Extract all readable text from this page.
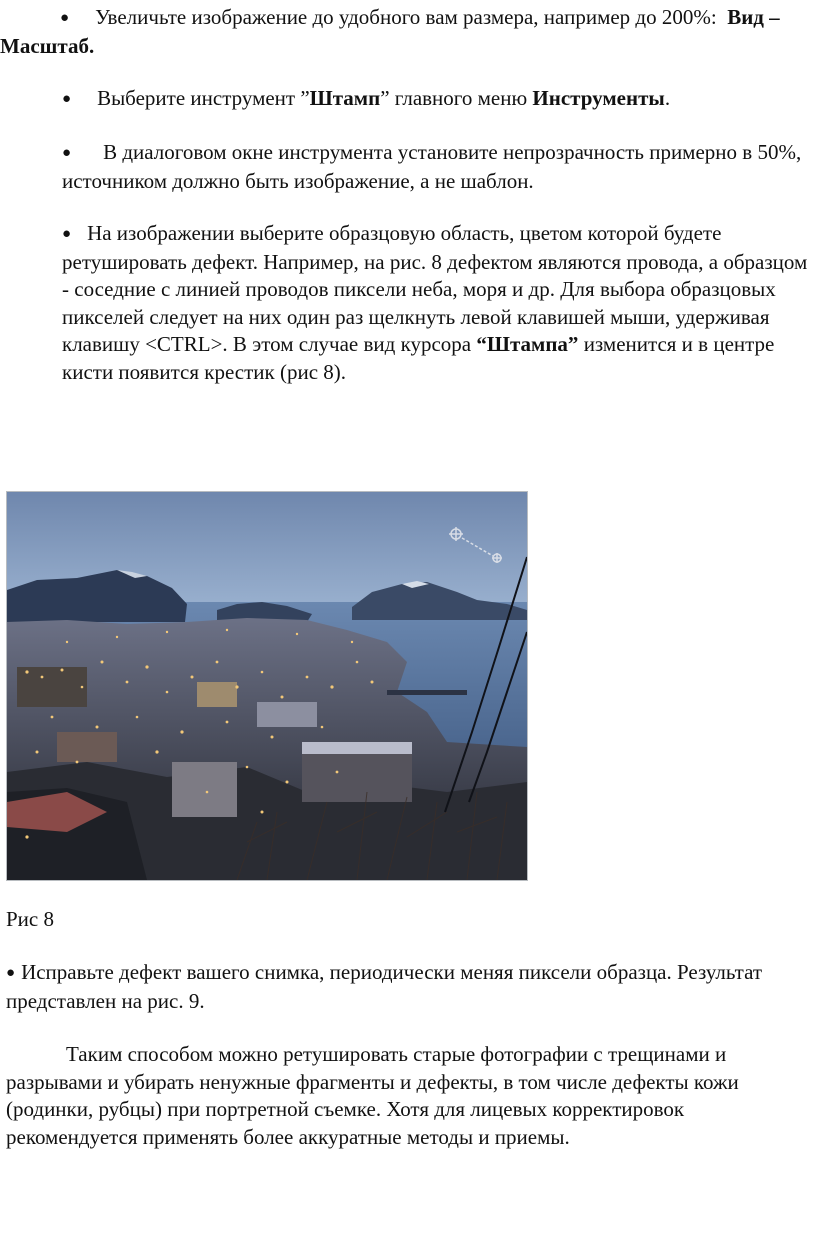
● Увеличьте изображение до удобного вам размера, например до 200%: Вид – Масштаб.

● Выберите инструмент ”Штамп” главного меню Инструменты.

● В диалоговом окне инструмента установите непрозрачность примерно в 50%, источником должно быть изображение, а не шаблон.

● На изображении выберите образцовую область, цветом которой будете ретушировать дефект. Например, на рис. 8 дефектом являются провода, а образцом - соседние с линией проводов пиксели неба, моря и др. Для выбора образцовых пикселей следует на них один раз щелкнуть левой клавишей мыши, удерживая клавишу <CTRL>. В этом случае вид курсора “Штампа” изменится и в центре кисти появится крестик (рис 8).

Рис 8

● Исправьте дефект вашего снимка, периодически меняя пиксели образца. Результат представлен на рис. 9.

Таким способом можно ретушировать старые фотографии с трещинами и разрывами и убирать ненужные фрагменты и дефекты, в том числе дефекты кожи (родинки, рубцы) при портретной съемке. Хотя для лицевых корректировок рекомендуется применять более аккуратные методы и приемы.
